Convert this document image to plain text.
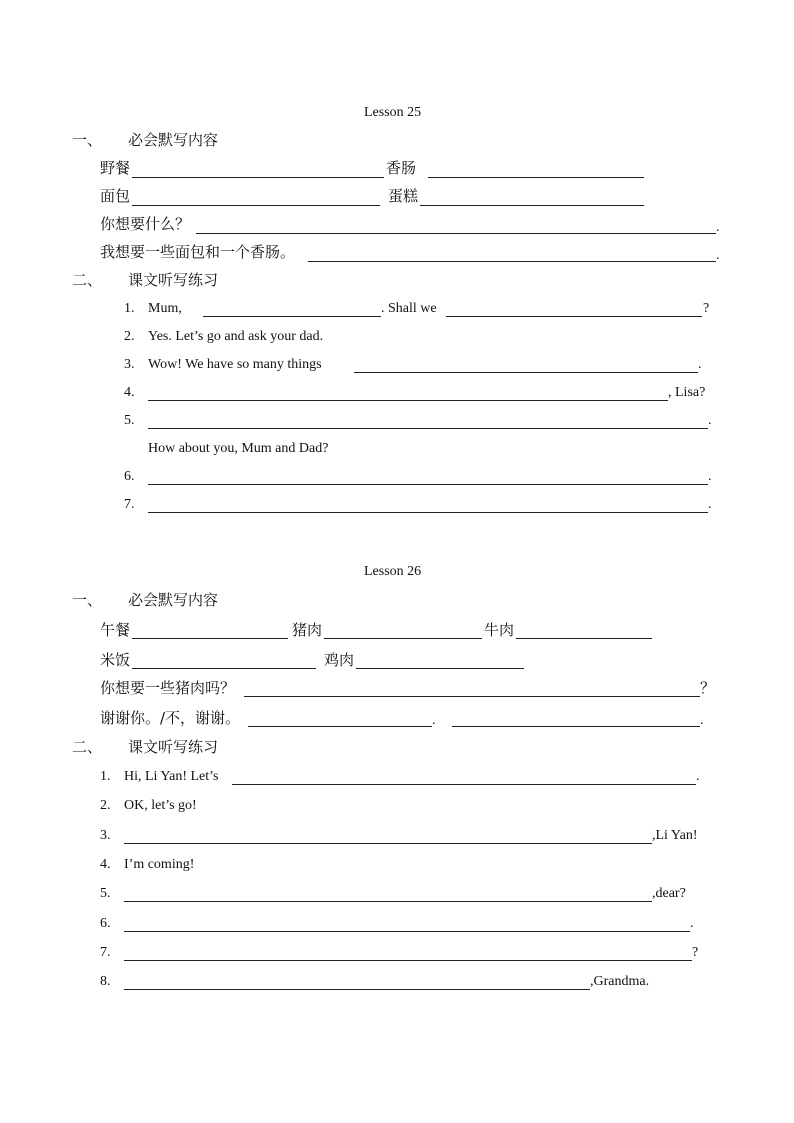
Lesson 25
一、 必会默写内容
野餐	香肠
面包	蛋糕
你想要什么？	.
我想要一些面包和一个香肠。	.
二、 课文听写练习
1. Mum,	. Shall we	?
2. Yes. Let’s go and ask your dad.
3. Wow! We have so many things	.
4.	, Lisa?
5.	.
How about you, Mum and Dad?
6.	.
7.	.
Lesson 26
一、 必会默写内容
午餐	猪肉	牛肉
米饭	鸡肉
你想要一些猪肉吗？	？
谢谢你。/不，谢谢。	.	.
二、 课文听写练习
1. Hi, Li Yan! Let’s	.
2. OK, let’s go!
3.	,Li Yan!
4. I’m coming!
5.	,dear?
6.	.
7.	?
8.	,Grandma.
